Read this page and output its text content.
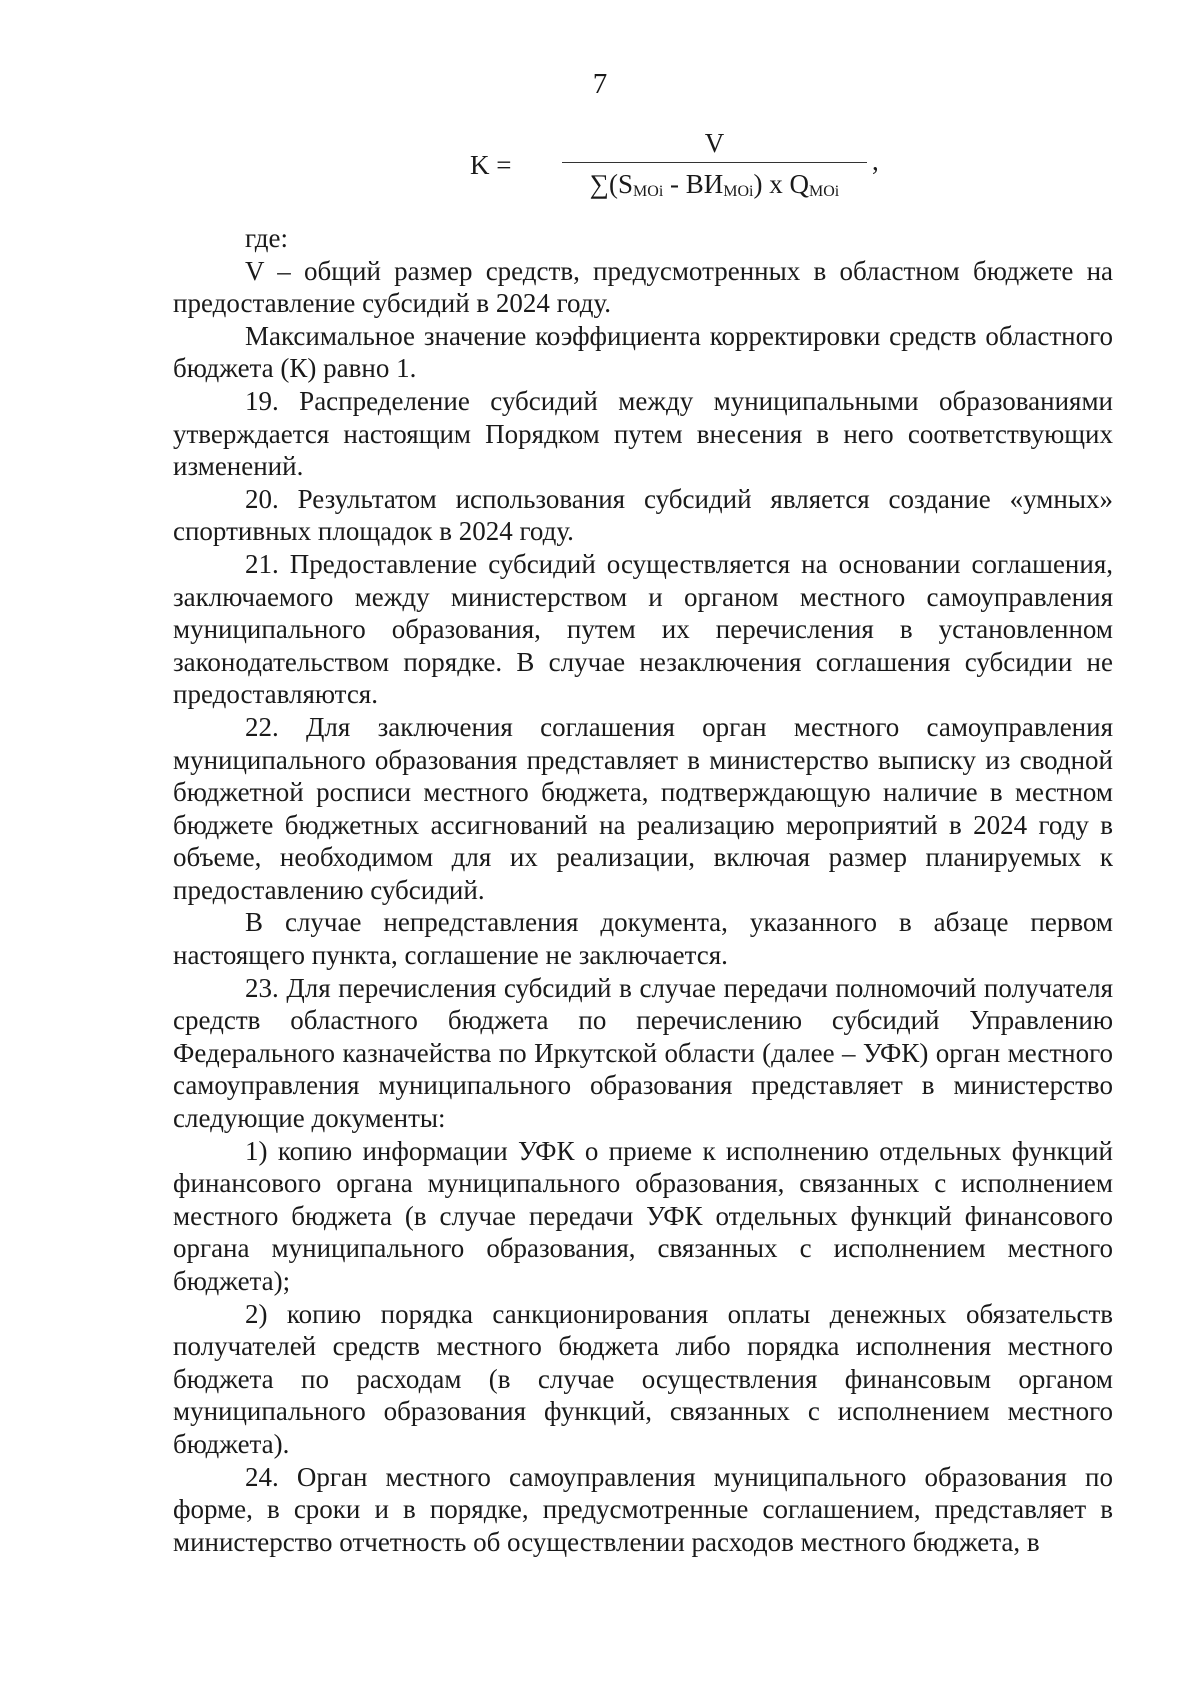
7
K =
V
$\sum(S_{MOi} - BИ_{MOi})$ x $Q_{MOi}$
,

где:

V – общий размер средств, предусмотренных в областном бюджете на предоставление субсидий в 2024 году.

Максимальное значение коэффициента корректировки средств областного бюджета (К) равно 1.

19. Распределение субсидий между муниципальными образованиями утверждается настоящим Порядком путем внесения в него соответствующих изменений.

20. Результатом использования субсидий является создание «умных» спортивных площадок в 2024 году.

21. Предоставление субсидий осуществляется на основании соглашения, заключаемого между министерством и органом местного самоуправления муниципального образования, путем их перечисления в установленном законодательством порядке. В случае незаключения соглашения субсидии не предоставляются.

22. Для заключения соглашения орган местного самоуправления муниципального образования представляет в министерство выписку из сводной бюджетной росписи местного бюджета, подтверждающую наличие в местном бюджете бюджетных ассигнований на реализацию мероприятий в 2024 году в объеме, необходимом для их реализации, включая размер планируемых к предоставлению субсидий.

В случае непредставления документа, указанного в абзаце первом настоящего пункта, соглашение не заключается.

23. Для перечисления субсидий в случае передачи полномочий получателя средств областного бюджета по перечислению субсидий Управлению Федерального казначейства по Иркутской области (далее – УФК) орган местного самоуправления муниципального образования представляет в министерство следующие документы:

1) копию информации УФК о приеме к исполнению отдельных функций финансового органа муниципального образования, связанных с исполнением местного бюджета (в случае передачи УФК отдельных функций финансового органа муниципального образования, связанных с исполнением местного бюджета);

2) копию порядка санкционирования оплаты денежных обязательств получателей средств местного бюджета либо порядка исполнения местного бюджета по расходам (в случае осуществления финансовым органом муниципального образования функций, связанных с исполнением местного бюджета).

24. Орган местного самоуправления муниципального образования по форме, в сроки и в порядке, предусмотренные соглашением, представляет в министерство отчетность об осуществлении расходов местного бюджета, в
